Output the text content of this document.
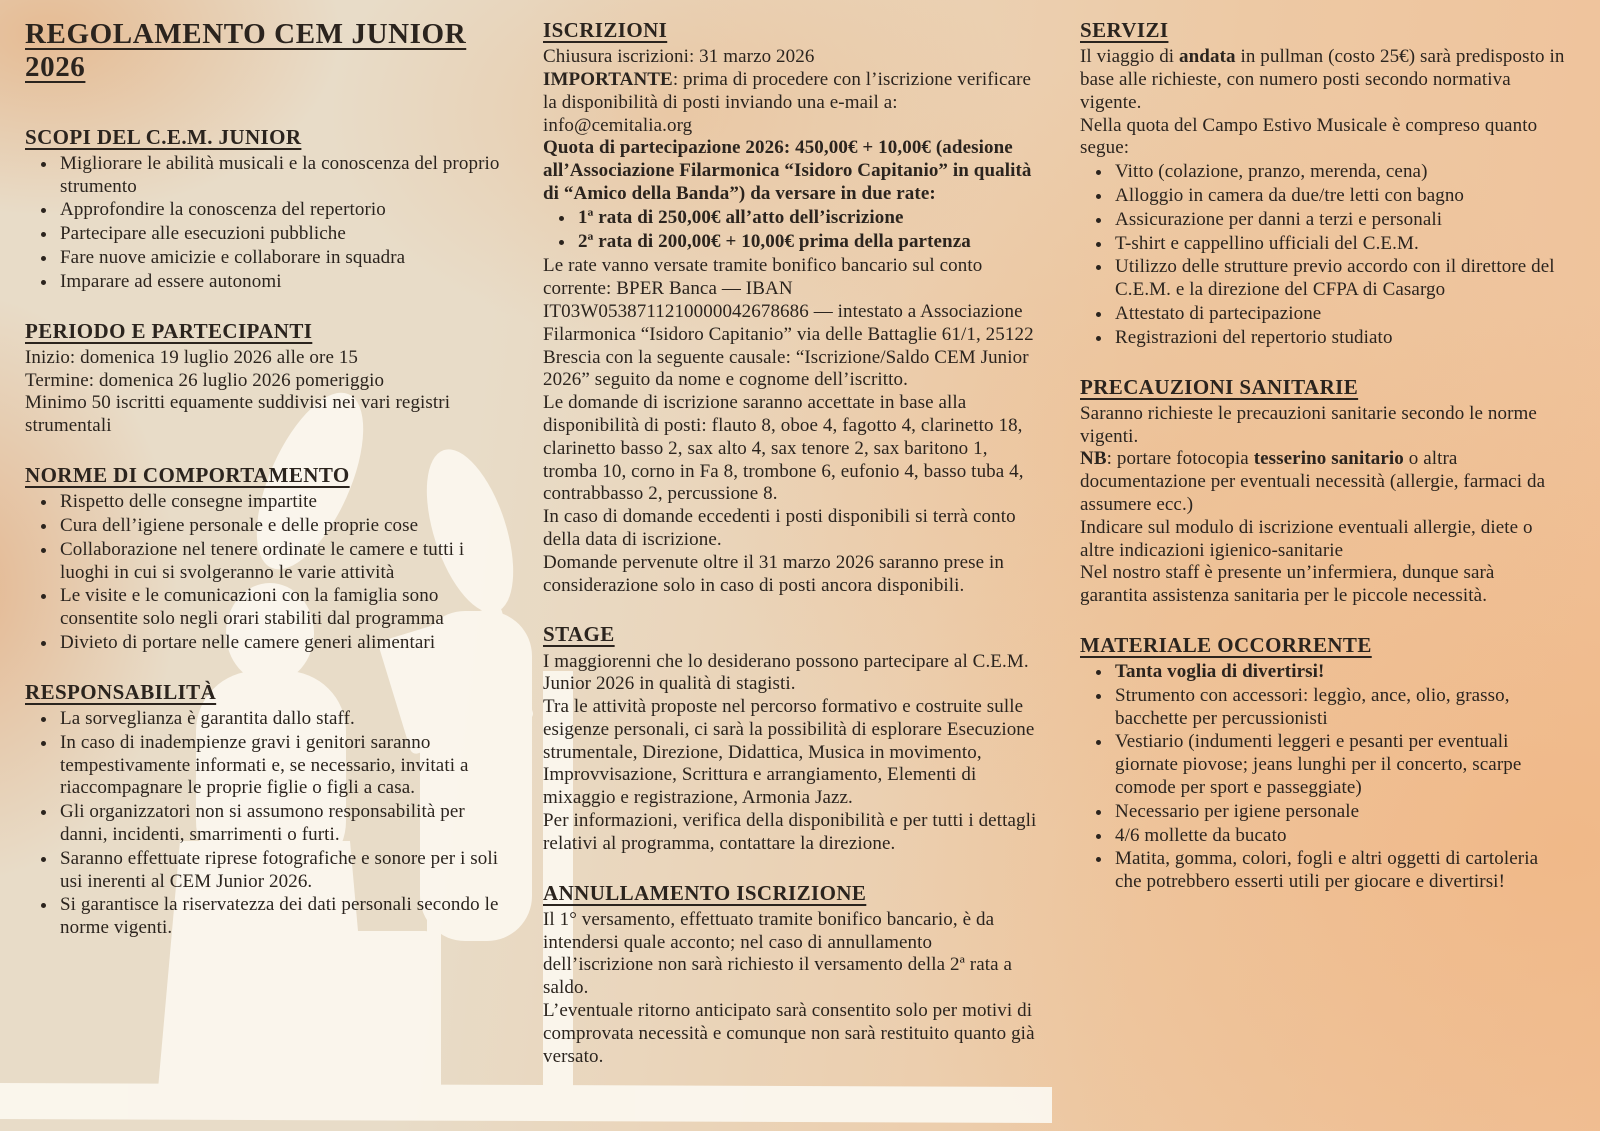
REGOLAMENTO CEM JUNIOR 2026
SCOPI DEL C.E.M. JUNIOR
• Migliorare le abilità musicali e la conoscenza del proprio strumento
• Approfondire la conoscenza del repertorio
• Partecipare alle esecuzioni pubbliche
• Fare nuove amicizie e collaborare in squadra
• Imparare ad essere autonomi
PERIODO E PARTECIPANTI

Inizio: domenica 19 luglio 2026 alle ore 15

Termine: domenica 26 luglio 2026 pomeriggio

Minimo 50 iscritti equamente suddivisi nei vari registri strumentali

NORME DI COMPORTAMENTO
• Rispetto delle consegne impartite
• Cura dell’igiene personale e delle proprie cose
• Collaborazione nel tenere ordinate le camere e tutti i luoghi in cui si svolgeranno le varie attività
• Le visite e le comunicazioni con la famiglia sono consentite solo negli orari stabiliti dal programma
• Divieto di portare nelle camere generi alimentari
RESPONSABILITÀ
• La sorveglianza è garantita dallo staff.
• In caso di inadempienze gravi i genitori saranno tempestivamente informati e, se necessario, invitati a riaccompagnare le proprie figlie o figli a casa.
• Gli organizzatori non si assumono responsabilità per danni, incidenti, smarrimenti o furti.
• Saranno effettuate riprese fotografiche e sonore per i soli usi inerenti al CEM Junior 2026.
• Si garantisce la riservatezza dei dati personali secondo le norme vigenti.
ISCRIZIONI

Chiusura iscrizioni: 31 marzo 2026

IMPORTANTE: prima di procedere con l’iscrizione verificare la disponibilità di posti inviando una e-mail a: info@cemitalia.org

Quota di partecipazione 2026: 450,00€ + 10,00€ (adesione all’Associazione Filarmonica “Isidoro Capitanio” in qualità di “Amico della Banda”) da versare in due rate:

• 1ª rata di 250,00€ all’atto dell’iscrizione
• 2ª rata di 200,00€ + 10,00€ prima della partenza

Le rate vanno versate tramite bonifico bancario sul conto corrente: BPER Banca — IBAN IT03W0538711210000042678686 — intestato a Associazione Filarmonica “Isidoro Capitanio” via delle Battaglie 61/1, 25122 Brescia con la seguente causale: “Iscrizione/Saldo CEM Junior 2026” seguito da nome e cognome dell’iscritto.

Le domande di iscrizione saranno accettate in base alla disponibilità di posti: flauto 8, oboe 4, fagotto 4, clarinetto 18, clarinetto basso 2, sax alto 4, sax tenore 2, sax baritono 1, tromba 10, corno in Fa 8, trombone 6, eufonio 4, basso tuba 4, contrabbasso 2, percussione 8.

In caso di domande eccedenti i posti disponibili si terrà conto della data di iscrizione.

Domande pervenute oltre il 31 marzo 2026 saranno prese in considerazione solo in caso di posti ancora disponibili.

STAGE

I maggiorenni che lo desiderano possono partecipare al C.E.M. Junior 2026 in qualità di stagisti.

Tra le attività proposte nel percorso formativo e costruite sulle esigenze personali, ci sarà la possibilità di esplorare Esecuzione strumentale, Direzione, Didattica, Musica in movimento, Improvvisazione, Scrittura e arrangiamento, Elementi di mixaggio e registrazione, Armonia Jazz.

Per informazioni, verifica della disponibilità e per tutti i dettagli relativi al programma, contattare la direzione.

ANNULLAMENTO ISCRIZIONE

Il 1° versamento, effettuato tramite bonifico bancario, è da intendersi quale acconto; nel caso di annullamento dell’iscrizione non sarà richiesto il versamento della 2ª rata a saldo.

L’eventuale ritorno anticipato sarà consentito solo per motivi di comprovata necessità e comunque non sarà restituito quanto già versato.

SERVIZI

Il viaggio di andata in pullman (costo 25€) sarà predisposto in base alle richieste, con numero posti secondo normativa vigente.

Nella quota del Campo Estivo Musicale è compreso quanto segue:

• Vitto (colazione, pranzo, merenda, cena)
• Alloggio in camera da due/tre letti con bagno
• Assicurazione per danni a terzi e personali
• T-shirt e cappellino ufficiali del C.E.M.
• Utilizzo delle strutture previo accordo con il direttore del C.E.M. e la direzione del CFPA di Casargo
• Attestato di partecipazione
• Registrazioni del repertorio studiato
PRECAUZIONI SANITARIE

Saranno richieste le precauzioni sanitarie secondo le norme vigenti.

NB: portare fotocopia tesserino sanitario o altra documentazione per eventuali necessità (allergie, farmaci da assumere ecc.)

Indicare sul modulo di iscrizione eventuali allergie, diete o altre indicazioni igienico-sanitarie

Nel nostro staff è presente un’infermiera, dunque sarà garantita assistenza sanitaria per le piccole necessità.

MATERIALE OCCORRENTE
• Tanta voglia di divertirsi!
• Strumento con accessori: leggìo, ance, olio, grasso, bacchette per percussionisti
• Vestiario (indumenti leggeri e pesanti per eventuali giornate piovose; jeans lunghi per il concerto, scarpe comode per sport e passeggiate)
• Necessario per igiene personale
• 4/6 mollette da bucato
• Matita, gomma, colori, fogli e altri oggetti di cartoleria che potrebbero esserti utili per giocare e divertirsi!
